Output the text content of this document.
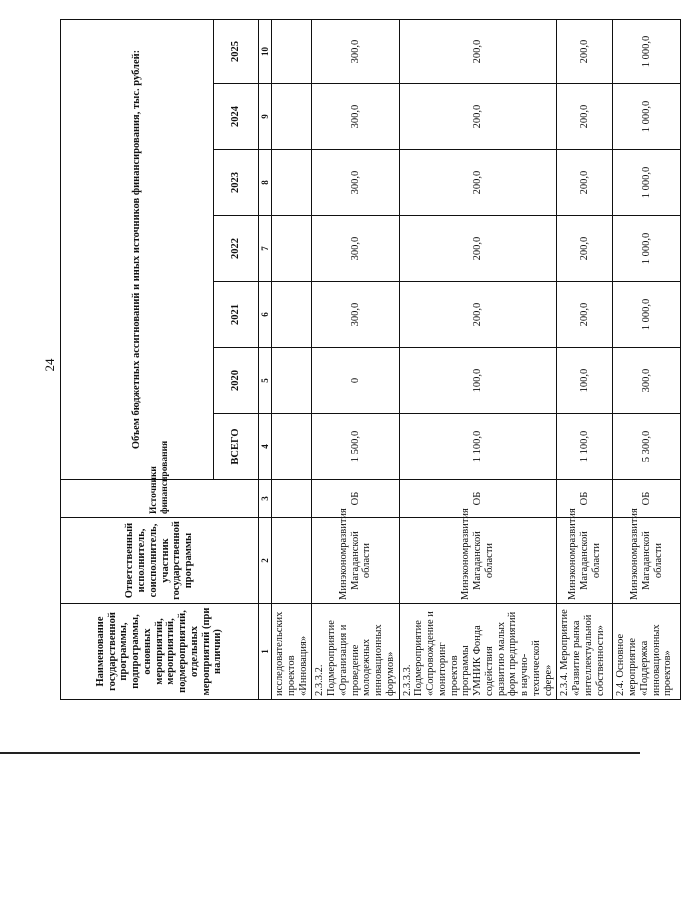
24
Наименование государственной программы, подпрограммы, основных мероприятий, мероприятий, подмероприятий, отдельных мероприятий (при наличии)	Ответственный исполнитель, соисполнитель, участник государственной программы	Источники финансирования	Объем бюджетных ассигнований и иных источников финансирования, тыс. рублей:						
			ВСЕГО	2020	2021	2022	2023	2024	2025
1	2	3	4	5	6	7	8	9	10
исследовательских проектов «Инновация»									
2.3.3.2. Подмероприятие «Организация и проведение молодежных инновационных форумов»	Минэкономразвития Магаданской области	ОБ	1 500,0	0	300,0	300,0	300,0	300,0	300,0
2.3.3.3. Подмероприятие «Сопровождение и мониторинг проектов программы УМНИК Фонда содействия развитию малых форм предприятий в научно-технической сфере»	Минэкономразвития Магаданской области	ОБ	1 100,0	100,0	200,0	200,0	200,0	200,0	200,0
2.3.4. Мероприятие «Развитие рынка интеллектуальной собственности»	Минэкономразвития Магаданской области	ОБ	1 100,0	100,0	200,0	200,0	200,0	200,0	200,0
2.4. Основное мероприятие «Поддержка инновационных проектов»	Минэкономразвития Магаданской области	ОБ	5 300,0	300,0	1 000,0	1 000,0	1 000,0	1 000,0	1 000,0
